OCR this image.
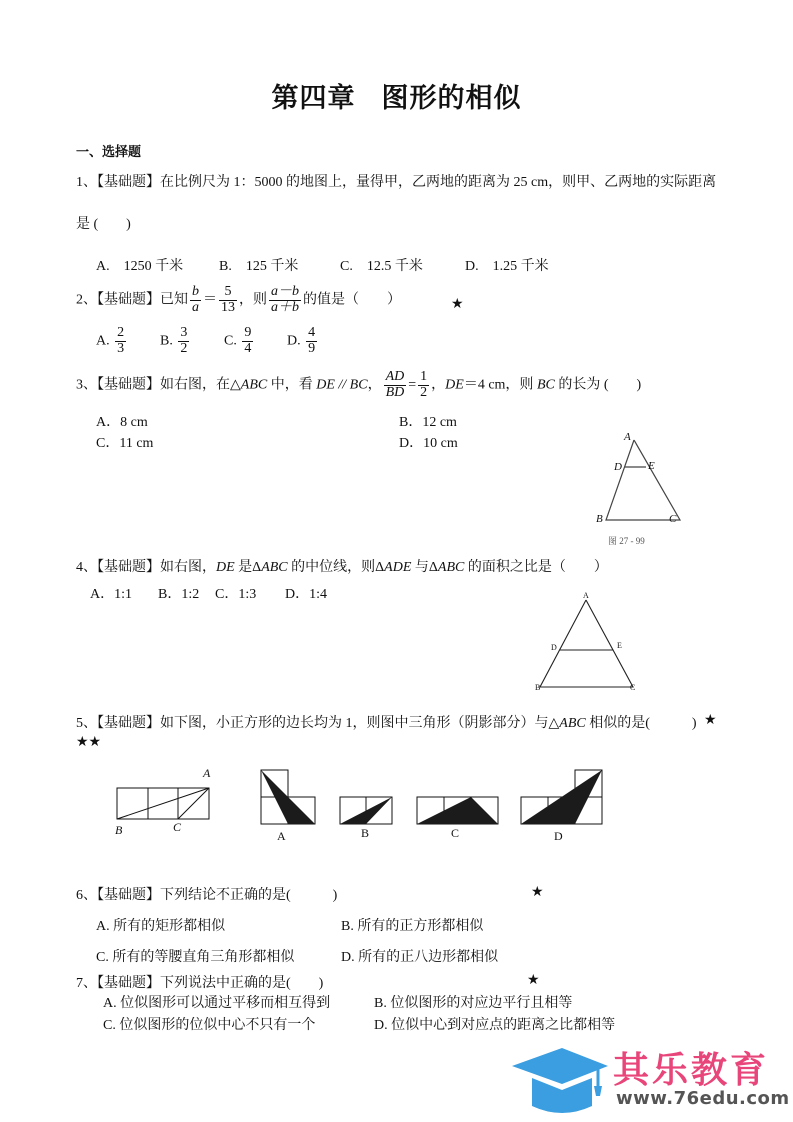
第四章 图形的相似
一、选择题
1、【基础题】在比例尺为 1：5000 的地图上，量得甲，乙两地的距离为 25 cm，则甲、乙两地的实际距离
是 (　　)
A.　1250 千米	B.　125 千米	C.　12.5 千米	D.　1.25 千米
2、【基础题】已知 $\frac{b}{a} = \frac{5}{13}$ ，则 $\frac{a-b}{a+b}$ 的值是（　　）	★
A. $\frac{2}{3} B$. $\frac{3}{2} C$. $\frac{9}{4} D$. $\frac{4}{9}$
3、【基础题】如右图，在△ABC 中，看 DE // BC， $\frac{AD}{BD} = \frac{1}{2}$ ，DE＝4 cm，则 BC 的长为 (　　)
A．8 cm	B．12 cm
C．11 cm	D．10 cm	A
D E
B	C
图 27 - 99
4、【基础题】如右图，DE 是ΔABC 的中位线，则ΔADE 与ΔABC 的面积之比是（　　）
A．1:1 B．1:2 C．1:3 D．1:4	A
D	E
B	C
5、【基础题】如下图，小正方形的边长均为 1，则图中三角形（阴影部分）与△ABC 相似的是(　　　) ★
★★
A
B	C
A	B	C	D
6、【基础题】下列结论不正确的是(　　　)	★
A. 所有的矩形都相似	B. 所有的正方形都相似
C. 所有的等腰直角三角形都相似	D. 所有的正八边形都相似
7、【基础题】下列说法中正确的是(　　)	★
A. 位似图形可以通过平移而相互得到	B. 位似图形的对应边平行且相等
C. 位似图形的位似中心不只有一个	D. 位似中心到对应点的距离之比都相等
其乐教育
www.76edu.com
